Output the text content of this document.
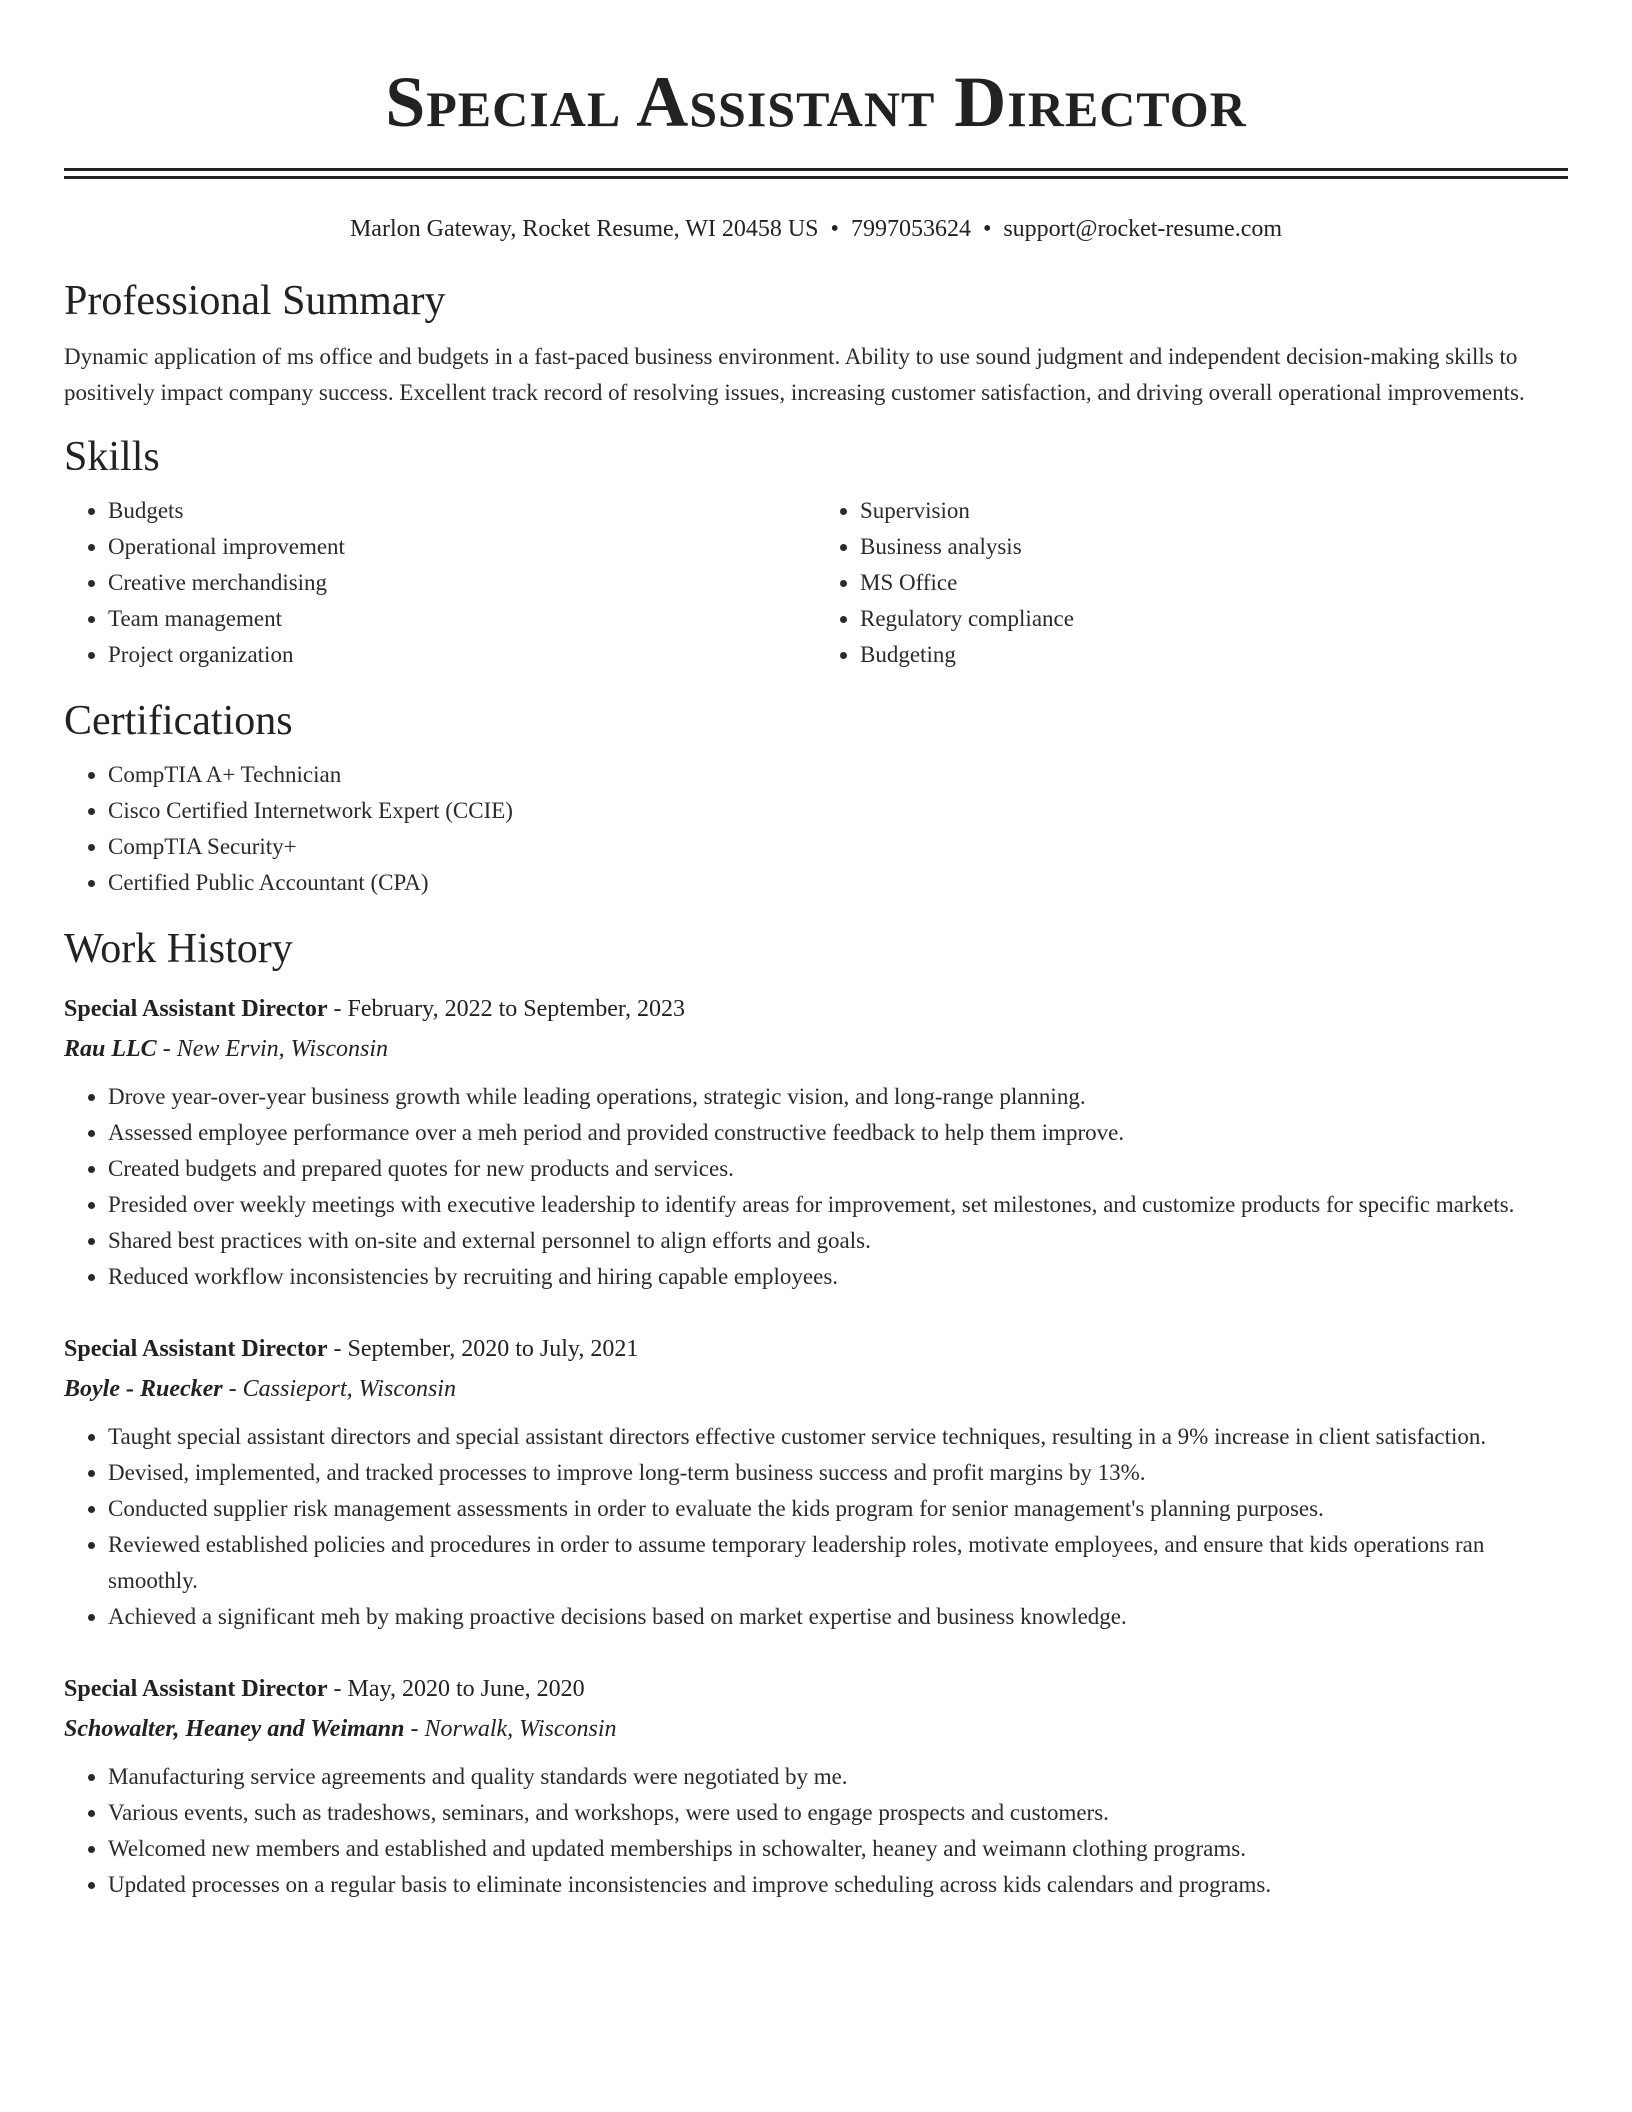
Special Assistant Director
Marlon Gateway, Rocket Resume, WI 20458 US • 7997053624 • support@rocket-resume.com
Professional Summary

Dynamic application of ms office and budgets in a fast-paced business environment. Ability to use sound judgment and independent decision-making skills to positively impact company success. Excellent track record of resolving issues, increasing customer satisfaction, and driving overall operational improvements.

Skills
• Budgets
• Operational improvement
• Creative merchandising
• Team management
• Project organization
• Supervision
• Business analysis
• MS Office
• Regulatory compliance
• Budgeting
Certifications
• CompTIA A+ Technician
• Cisco Certified Internetwork Expert (CCIE)
• CompTIA Security+
• Certified Public Accountant (CPA)
Work History
Special Assistant Director - February, 2022 to September, 2023
Rau LLC - New Ervin, Wisconsin
• Drove year-over-year business growth while leading operations, strategic vision, and long-range planning.
• Assessed employee performance over a meh period and provided constructive feedback to help them improve.
• Created budgets and prepared quotes for new products and services.
• Presided over weekly meetings with executive leadership to identify areas for improvement, set milestones, and customize products for specific markets.
• Shared best practices with on-site and external personnel to align efforts and goals.
• Reduced workflow inconsistencies by recruiting and hiring capable employees.
Special Assistant Director - September, 2020 to July, 2021
Boyle - Ruecker - Cassieport, Wisconsin
• Taught special assistant directors and special assistant directors effective customer service techniques, resulting in a 9% increase in client satisfaction.
• Devised, implemented, and tracked processes to improve long-term business success and profit margins by 13%.
• Conducted supplier risk management assessments in order to evaluate the kids program for senior management's planning purposes.
• Reviewed established policies and procedures in order to assume temporary leadership roles, motivate employees, and ensure that kids operations ran smoothly.
• Achieved a significant meh by making proactive decisions based on market expertise and business knowledge.
Special Assistant Director - May, 2020 to June, 2020
Schowalter, Heaney and Weimann - Norwalk, Wisconsin
• Manufacturing service agreements and quality standards were negotiated by me.
• Various events, such as tradeshows, seminars, and workshops, were used to engage prospects and customers.
• Welcomed new members and established and updated memberships in schowalter, heaney and weimann clothing programs.
• Updated processes on a regular basis to eliminate inconsistencies and improve scheduling across kids calendars and programs.
